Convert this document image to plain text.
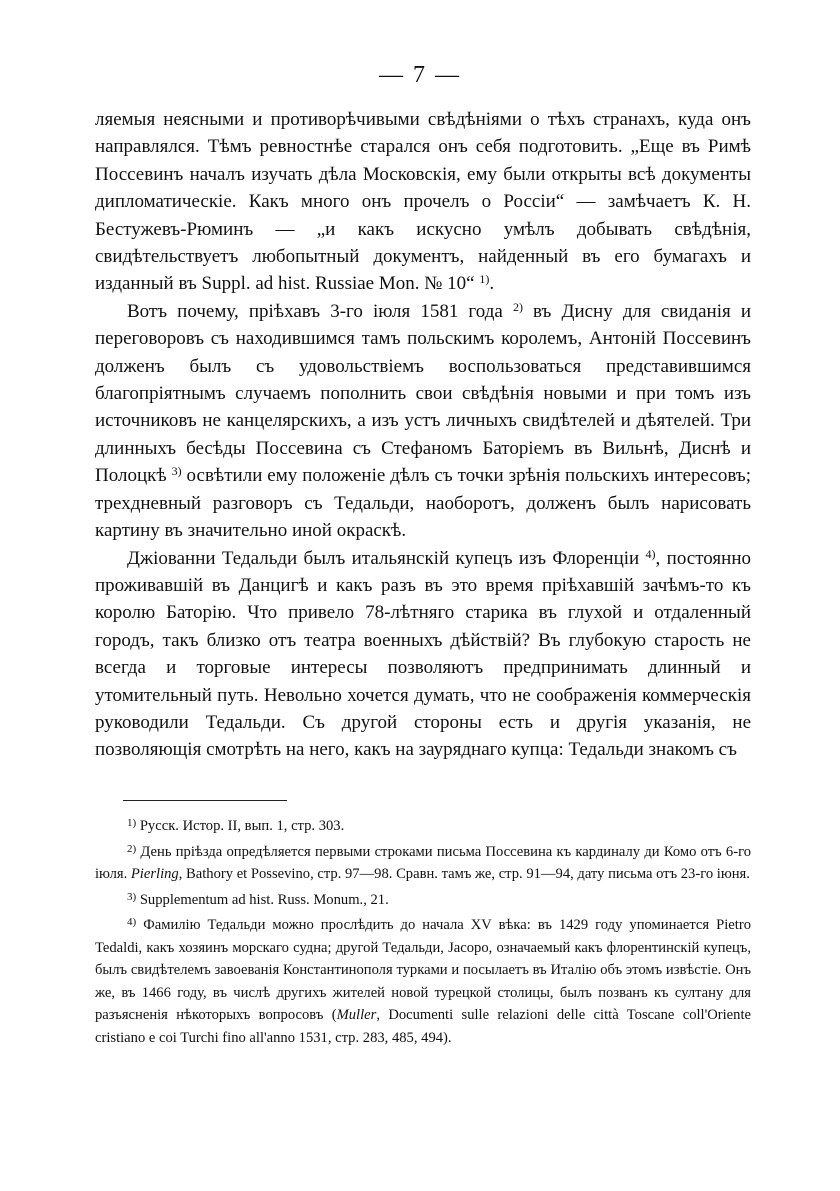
— 7 —

ляемыя неясными и противорѣчивыми свѣдѣніями о тѣхъ странахъ, куда онъ направлялся. Тѣмъ ревностнѣе старался онъ себя подготовить. „Еще въ Римѣ Поссевинъ началъ изучать дѣла Московскія, ему были открыты всѣ документы дипломатическіе. Какъ много онъ прочелъ о Россіи“ — замѣчаетъ К. Н. Бестужевъ-Рюминъ — „и какъ искусно умѣлъ добывать свѣдѣнія, свидѣтельствуетъ любопытный документъ, найденный въ его бумагахъ и изданный въ Suppl. ad hist. Russiae Mon. № 10“ $^1$ ) .

Вотъ почему, пріѣхавъ 3-го іюля 1581 года $^2$ ) въ Дисну для свиданія и переговоровъ съ находившимся тамъ польскимъ королемъ, Антоній Поссевинъ долженъ былъ съ удовольствіемъ воспользоваться представившимся благопріятнымъ случаемъ пополнить свои свѣдѣнія новыми и при томъ изъ источниковъ не канцелярскихъ, а изъ устъ личныхъ свидѣтелей и дѣятелей. Три длинныхъ бесѣды Поссевина съ Стефаномъ Баторіемъ въ Вильнѣ, Диснѣ и Полоцкѣ $^3$ ) освѣтили ему положеніе дѣлъ съ точки зрѣнія польскихъ интересовъ; трехдневный разговоръ съ Тедальди, наоборотъ, долженъ былъ нарисовать картину въ значительно иной окраскѣ.

Джіованни Тедальди былъ итальянскій купецъ изъ Флоренціи $^4$ ) , постоянно проживавшій въ Данцигѣ и какъ разъ въ это время пріѣхавшій зачѣмъ-то къ королю Баторію. Что привело 78-лѣтняго старика въ глухой и отдаленный городъ, такъ близко отъ театра военныхъ дѣйствій? Въ глубокую старость не всегда и торговые интересы позволяютъ предпринимать длинный и утомительный путь. Невольно хочется думать, что не соображенія коммерческія руководили Тедальди. Съ другой стороны есть и другія указанія, не позволяющія смотрѣть на него, какъ на зауряднаго купца: Тедальди знакомъ съ

$^1$ ) Русск. Истор. II, вып. 1, стр. 303.

$^2$ ) День пріѣзда опредѣляется первыми строками письма Поссевина къ кардиналу ди Комо отъ 6-го іюля. Pierling, Bathory et Possevino, стр. 97—98. Сравн. тамъ же, стр. 91—94, дату письма отъ 23-го іюня.

$^3$ ) Supplementum ad hist. Russ. Monum., 21.

$^4$ ) Фамилію Тедальди можно прослѣдить до начала XV вѣка: въ 1429 году упоминается Pietro Tedaldi, какъ хозяинъ морскаго судна; другой Тедальди, Jacopo, означаемый какъ флорентинскій купецъ, былъ свидѣтелемъ завоеванія Константинополя турками и посылаетъ въ Италію объ этомъ извѣстіе. Онъ же, въ 1466 году, въ числѣ другихъ жителей новой турецкой столицы, былъ позванъ къ султану для разъясненія нѣкоторыхъ вопросовъ (Muller, Documenti sulle relazioni delle città Toscane coll'Oriente cristiano e coi Turchi fino all'anno 1531, стр. 283, 485, 494).
